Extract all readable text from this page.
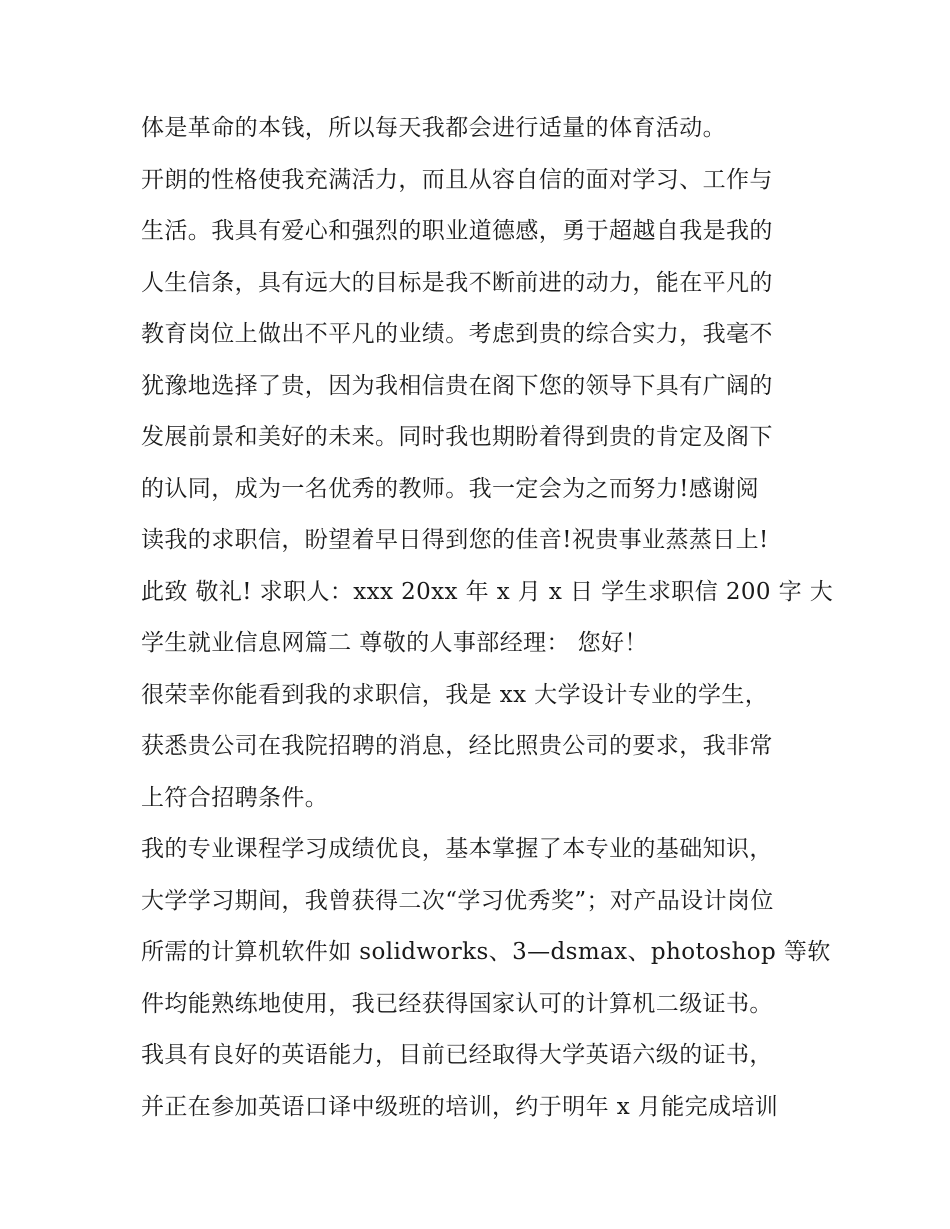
体是革命的本钱，所以每天我都会进行适量的体育活动。
开朗的性格使我充满活力，而且从容自信的面对学习、工作与
生活。我具有爱心和强烈的职业道德感，勇于超越自我是我的
人生信条，具有远大的目标是我不断前进的动力，能在平凡的
教育岗位上做出不平凡的业绩。考虑到贵的综合实力，我毫不
犹豫地选择了贵，因为我相信贵在阁下您的领导下具有广阔的
发展前景和美好的未来。同时我也期盼着得到贵的肯定及阁下
的认同，成为一名优秀的教师。我一定会为之而努力!感谢阅
读我的求职信，盼望着早日得到您的佳音!祝贵事业蒸蒸日上!
此致 敬礼! 求职人：xxx 20xx 年 x 月 x 日 学生求职信 200 字 大
学生就业信息网篇二 尊敬的人事部经理： 您好！
很荣幸你能看到我的求职信，我是 xx 大学设计专业的学生，
获悉贵公司在我院招聘的消息，经比照贵公司的要求，我非常
上符合招聘条件。
我的专业课程学习成绩优良，基本掌握了本专业的基础知识，
大学学习期间，我曾获得二次“学习优秀奖”；对产品设计岗位
所需的计算机软件如 solidworks、3—dsmax、photoshop 等软
件均能熟练地使用，我已经获得国家认可的计算机二级证书。
我具有良好的英语能力，目前已经取得大学英语六级的证书，
并正在参加英语口译中级班的培训，约于明年 x 月能完成培训
